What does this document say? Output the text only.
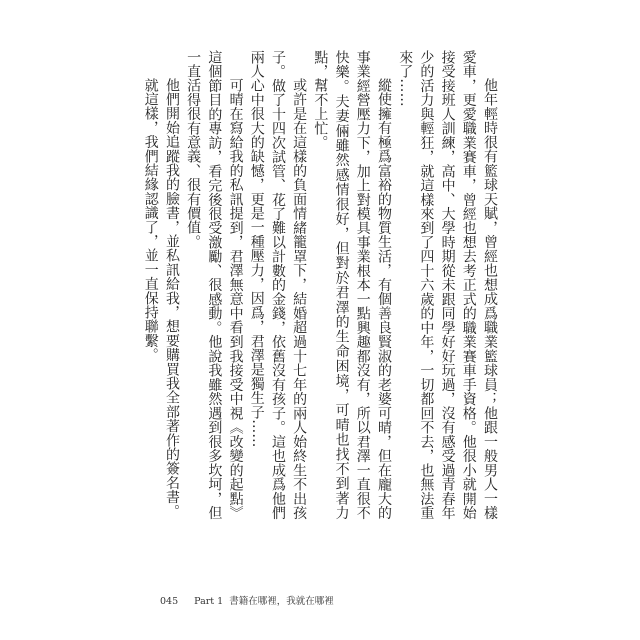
他年輕時很有籃球天賦，曾經也想成爲職業籃球員；他跟一般男人一樣愛車，更愛職業賽車，曾經也想去考正式的職業賽車手資格。他很小就開始接受接班人訓練，高中、大學時期從未跟同學好好玩過，沒有感受過青春年少的活力與輕狂，就這樣來到了四十六歲的中年，一切都回不去，也無法重來了……

縱使擁有極爲富裕的物質生活，有個善良賢淑的老婆可晴，但在龐大的事業經營壓力下，加上對模具事業根本一點興趣都沒有，所以君澤一直很不快樂。夫妻倆雖然感情很好，但對於君澤的生命困境，可晴也找不到著力點，幫不上忙。

或許是在這樣的負面情緒籠罩下，結婚超過十七年的兩人始終生不出孩子。做了十四次試管、花了難以計數的金錢，依舊沒有孩子。這也成爲他們兩人心中很大的缺憾，更是一種壓力，因爲，君澤是獨生子……

可晴在寫給我的私訊提到，君澤無意中看到我接受中視《改變的起點》這個節目的專訪，看完後很受激勵、很感動。他說我雖然遇到很多坎坷，但一直活得很有意義、很有價值。

他們開始追蹤我的臉書，並私訊給我，想要購買我全部著作的簽名書。

就這樣，我們結緣認識了，並一直保持聯繫。

045 Part 1 書籍在哪裡，我就在哪裡
